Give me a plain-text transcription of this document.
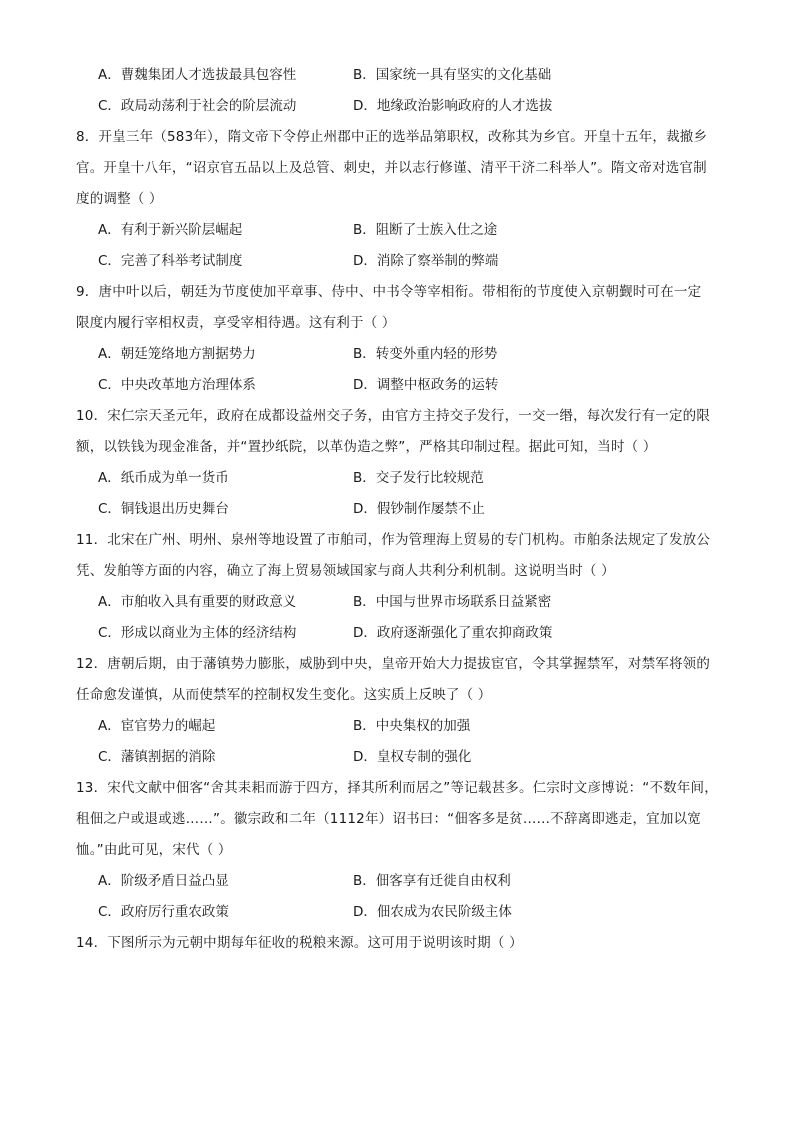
A．曹魏集团人才选拔最具包容性	B．国家统一具有坚实的文化基础
C．政局动荡利于社会的阶层流动	D．地缘政治影响政府的人才选拔
8．开皇三年（583年），隋文帝下令停止州郡中正的选举品第职权，改称其为乡官。开皇十五年，裁撤乡
官。开皇十八年，“诏京官五品以上及总管、刺史，并以志行修谨、清平干济二科举人”。隋文帝对选官制
度的调整（ ）
A．有利于新兴阶层崛起	B．阻断了士族入仕之途
C．完善了科举考试制度	D．消除了察举制的弊端
9．唐中叶以后，朝廷为节度使加平章事、侍中、中书令等宰相衔。带相衔的节度使入京朝觐时可在一定
限度内履行宰相权责，享受宰相待遇。这有利于（ ）
A．朝廷笼络地方割据势力	B．转变外重内轻的形势
C．中央改革地方治理体系	D．调整中枢政务的运转
10．宋仁宗天圣元年，政府在成都设益州交子务，由官方主持交子发行，一交一缗，每次发行有一定的限
额，以铁钱为现金准备，并“置抄纸院，以革伪造之弊”，严格其印制过程。据此可知，当时（ ）
A．纸币成为单一货币	B．交子发行比较规范
C．铜钱退出历史舞台	D．假钞制作屡禁不止
11．北宋在广州、明州、泉州等地设置了市舶司，作为管理海上贸易的专门机构。市舶条法规定了发放公
凭、发舶等方面的内容，确立了海上贸易领域国家与商人共利分利机制。这说明当时（ ）
A．市舶收入具有重要的财政意义	B．中国与世界市场联系日益紧密
C．形成以商业为主体的经济结构	D．政府逐渐强化了重农抑商政策
12．唐朝后期，由于藩镇势力膨胀，威胁到中央，皇帝开始大力提拔宦官，令其掌握禁军，对禁军将领的
任命愈发谨慎，从而使禁军的控制权发生变化。这实质上反映了（ ）
A．宦官势力的崛起	B．中央集权的加强
C．藩镇割据的消除	D．皇权专制的强化
13．宋代文献中佃客“舍其耒耜而游于四方，择其所利而居之”等记载甚多。仁宗时文彦博说：“不数年间，
租佃之户或退或逃……”。徽宗政和二年（1112年）诏书曰：“佃客多是贫……不辞离即逃走，宜加以宽
恤。”由此可见，宋代（ ）
A．阶级矛盾日益凸显	B．佃客享有迁徙自由权利
C．政府厉行重农政策	D．佃农成为农民阶级主体
14．下图所示为元朝中期每年征收的税粮来源。这可用于说明该时期（ ）
